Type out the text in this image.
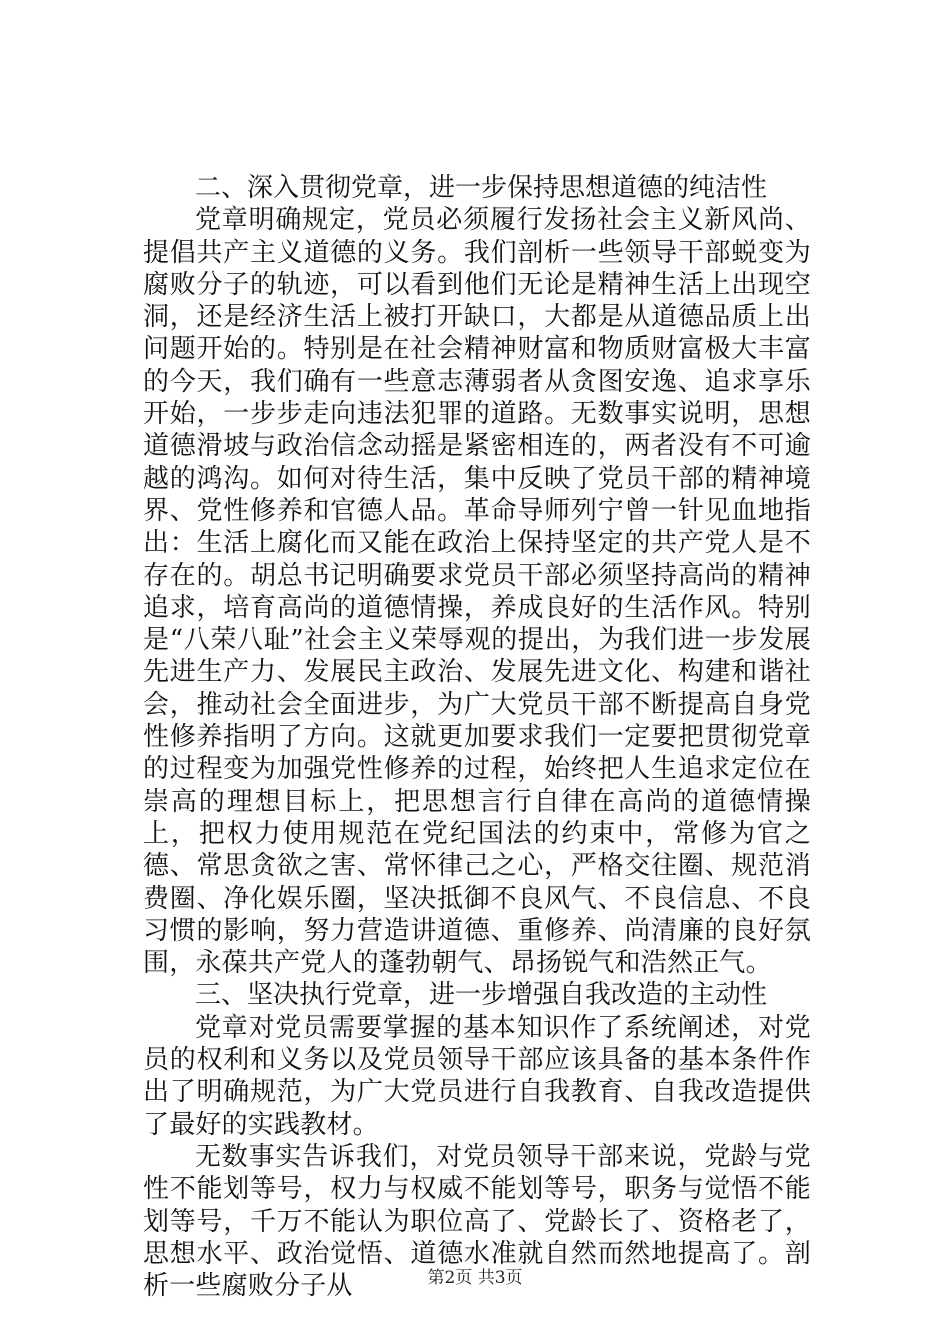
二、深入贯彻党章，进一步保持思想道德的纯洁性

党章明确规定，党员必须履行发扬社会主义新风尚、提倡共产主义道德的义务。我们剖析一些领导干部蜕变为腐败分子的轨迹，可以看到他们无论是精神生活上出现空洞，还是经济生活上被打开缺口，大都是从道德品质上出问题开始的。特别是在社会精神财富和物质财富极大丰富的今天，我们确有一些意志薄弱者从贪图安逸、追求享乐开始，一步步走向违法犯罪的道路。无数事实说明，思想道德滑坡与政治信念动摇是紧密相连的，两者没有不可逾越的鸿沟。如何对待生活，集中反映了党员干部的精神境界、党性修养和官德人品。革命导师列宁曾一针见血地指出：生活上腐化而又能在政治上保持坚定的共产党人是不存在的。胡总书记明确要求党员干部必须坚持高尚的精神追求，培育高尚的道德情操，养成良好的生活作风。特别是“八荣八耻”社会主义荣辱观的提出，为我们进一步发展先进生产力、发展民主政治、发展先进文化、构建和谐社会，推动社会全面进步，为广大党员干部不断提高自身党性修养指明了方向。这就更加要求我们一定要把贯彻党章的过程变为加强党性修养的过程，始终把人生追求定位在崇高的理想目标上，把思想言行自律在高尚的道德情操上，把权力使用规范在党纪国法的约束中，常修为官之德、常思贪欲之害、常怀律己之心，严格交往圈、规范消费圈、净化娱乐圈，坚决抵御不良风气、不良信息、不良习惯的影响，努力营造讲道德、重修养、尚清廉的良好氛围，永葆共产党人的蓬勃朝气、昂扬锐气和浩然正气。

三、坚决执行党章，进一步增强自我改造的主动性

党章对党员需要掌握的基本知识作了系统阐述，对党员的权利和义务以及党员领导干部应该具备的基本条件作出了明确规范，为广大党员进行自我教育、自我改造提供了最好的实践教材。

无数事实告诉我们，对党员领导干部来说，党龄与党性不能划等号，权力与权威不能划等号，职务与觉悟不能划等号，千万不能认为职位高了、党龄长了、资格老了，思想水平、政治觉悟、道德水准就自然而然地提高了。剖析一些腐败分子从	第2页 共3页
